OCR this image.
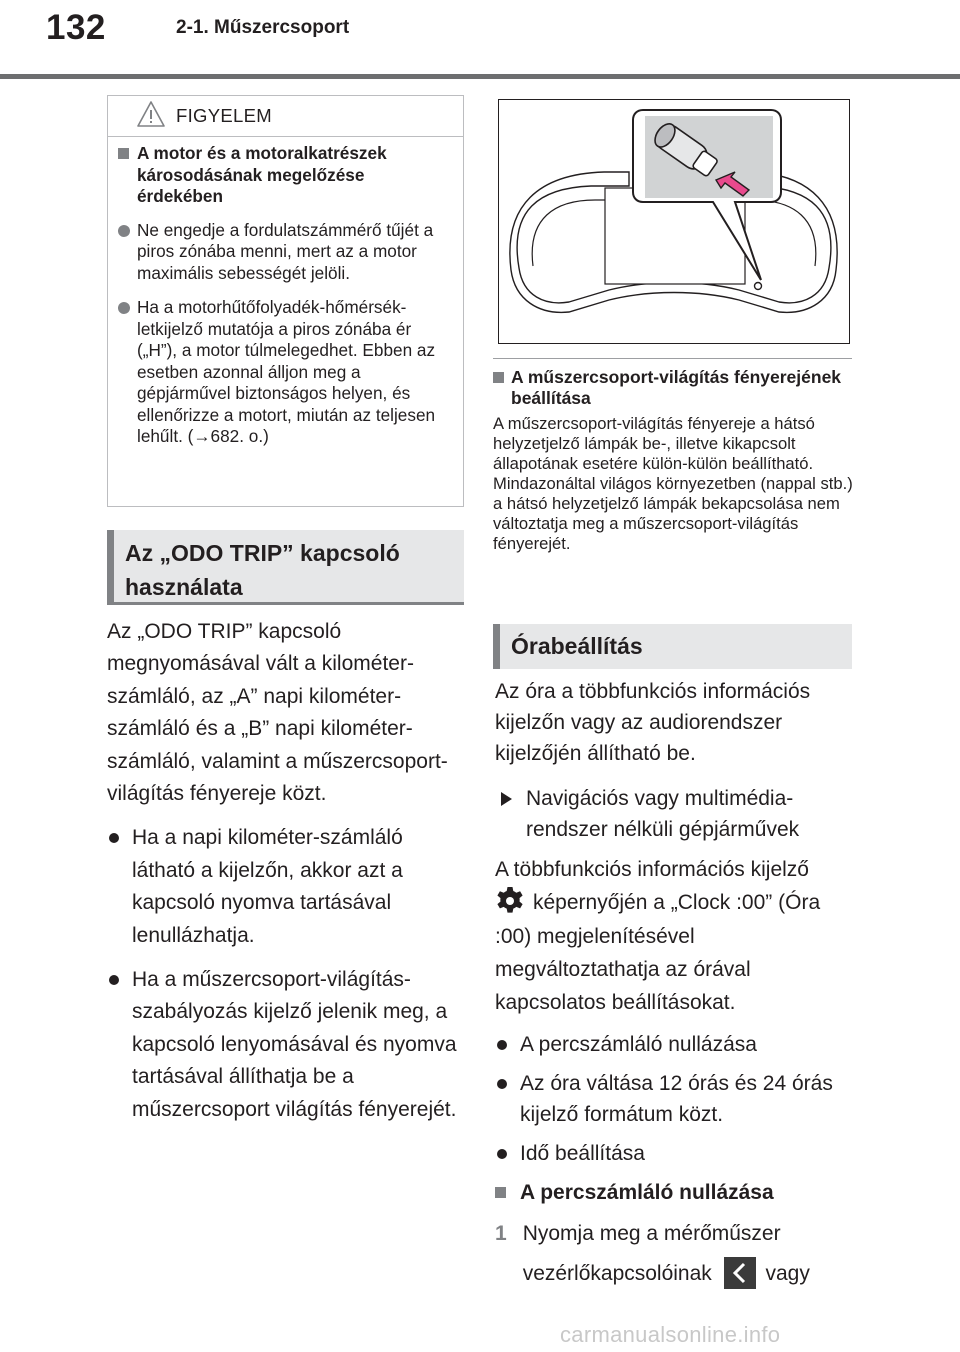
132	2-1. Műszercsoport
FIGYELEM
A motor és a motoralkatrészek károsodásának megelőzése érdekében
Ne engedje a fordulatszámmérő tűjét a piros zónába menni, mert az a motor maximális sebességét jelöli.
Ha a motorhűtőfolyadék-hőmérsék-letkijelző mutatója a piros zónába ér („H”), a motor túlmelegedhet. Ebben az esetben azonnal álljon meg a gépjárművel biztonságos helyen, és ellenőrizze a motort, miután az teljesen lehűlt. (→682. o.)
Az „ODO TRIP” kapcsoló használata
Az „ODO TRIP” kapcsoló megnyomásával vált a kilométer-számláló, az „A” napi kilométer-számláló és a „B” napi kilométer-számláló, valamint a műszercsoport-világítás fényereje közt.
Ha a napi kilométer-számláló látható a kijelzőn, akkor azt a kapcsoló nyomva tartásával lenullázhatja.
Ha a műszercsoport-világítás-szabályozás kijelző jelenik meg, a kapcsoló lenyomásával és nyomva tartásával állíthatja be a műszercsoport világítás fényerejét.
A műszercsoport-világítás fényerejének beállítása
A műszercsoport-világítás fényereje a hátsó helyzetjelző lámpák be-, illetve kikapcsolt állapotának esetére külön-külön beállítható. Mindazonáltal világos környezetben (nappal stb.) a hátsó helyzetjelző lámpák bekapcsolása nem változtatja meg a műszercsoport-világítás fényerejét.
Órabeállítás
Az óra a többfunkciós információs kijelzőn vagy az audiorendszer kijelzőjén állítható be.
Navigációs vagy multimédia-rendszer nélküli gépjárművek
A többfunkciós információs kijelző
képernyőjén a „Clock :00” (Óra :00) megjelenítésével megváltoztathatja az órával kapcsolatos beállításokat.
A percszámláló nullázása
Az óra váltása 12 órás és 24 órás kijelző formátum közt.
Idő beállítása
A percszámláló nullázása
1 Nyomja meg a mérőműszer vezérlőkapcsolóinak	vagy
carmanualsonline.info
